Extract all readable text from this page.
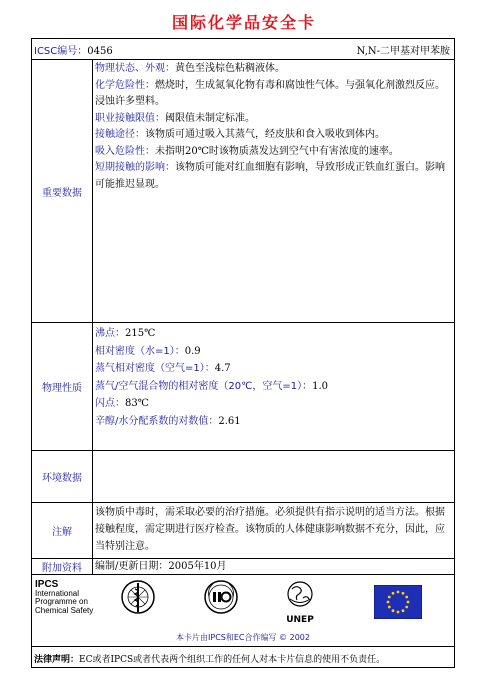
国际化学品安全卡
ICSC编号：0456	N,N-二甲基对甲苯胺
重要数据
物理状态、外观：黄色至浅棕色粘稠液体。
化学危险性：燃烧时，生成氮氧化物有毒和腐蚀性气体。与强氧化剂激烈反应。浸蚀许多塑料。
职业接触限值：阈限值未制定标准。
接触途径：该物质可通过吸入其蒸气，经皮肤和食入吸收到体内。
吸入危险性：未指明20℃时该物质蒸发达到空气中有害浓度的速率。
短期接触的影响：该物质可能对红血细胞有影响，导致形成正铁血红蛋白。影响可能推迟显现。
物理性质
沸点：215℃
相对密度（水=1）：0.9
蒸气相对密度（空气=1）：4.7
蒸气/空气混合物的相对密度（20℃，空气=1）：1.0
闪点：83℃
辛醇/水分配系数的对数值：2.61
环境数据
注解
该物质中毒时，需采取必要的治疗措施。必须提供有指示说明的适当方法。根据接触程度，需定期进行医疗检查。该物质的人体健康影响数据不充分，因此，应当特别注意。
附加资料	编制/更新日期：2005年10月
IPCS
International
Programme on
Chemical Safety
UNEP
本卡片由IPCS和EC合作编写 © 2002
法律声明：EC或者IPCS或者代表两个组织工作的任何人对本卡片信息的使用不负责任。
